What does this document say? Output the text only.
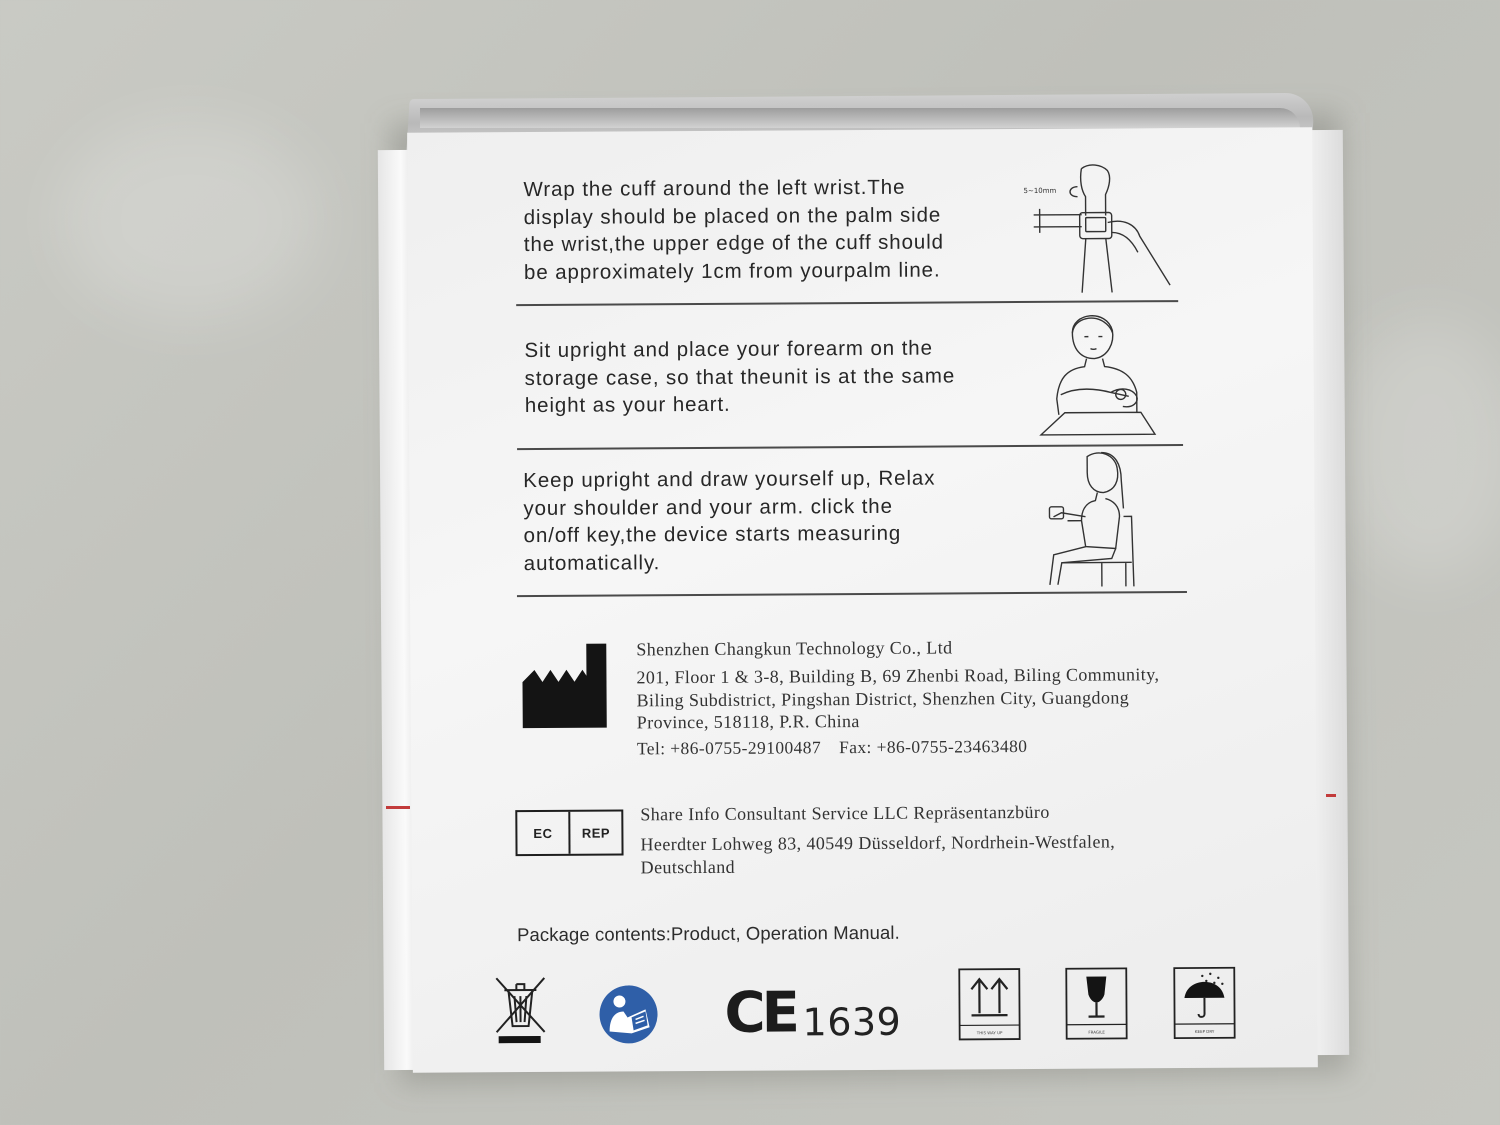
Wrap the cuff around the left wrist.The
display should be placed on the palm side
the wrist,the upper edge of the cuff should
be approximately 1cm from yourpalm line.
5~10mm
Sit upright and place your forearm on the
storage case, so that theunit is at the same
height as your heart.
Keep upright and draw yourself up, Relax
your shoulder and your arm. click the
on/off key,the device starts measuring
automatically.
Shenzhen Changkun Technology Co., Ltd
201, Floor 1 & 3-8, Building B, 69 Zhenbi Road, Biling Community,
Biling Subdistrict, Pingshan District, Shenzhen City, Guangdong
Province, 518118, P.R. China
Tel: +86-0755-29100487 Fax: +86-0755-23463480
EC	REP
Share Info Consultant Service LLC Repräsentanzbüro
Heerdter Lohweg 83, 40549 Düsseldorf, Nordrhein-Westfalen,
Deutschland
Package contents:Product, Operation Manual.
CE 1639	THIS WAY UP	FRAGILE	KEEP DRY
